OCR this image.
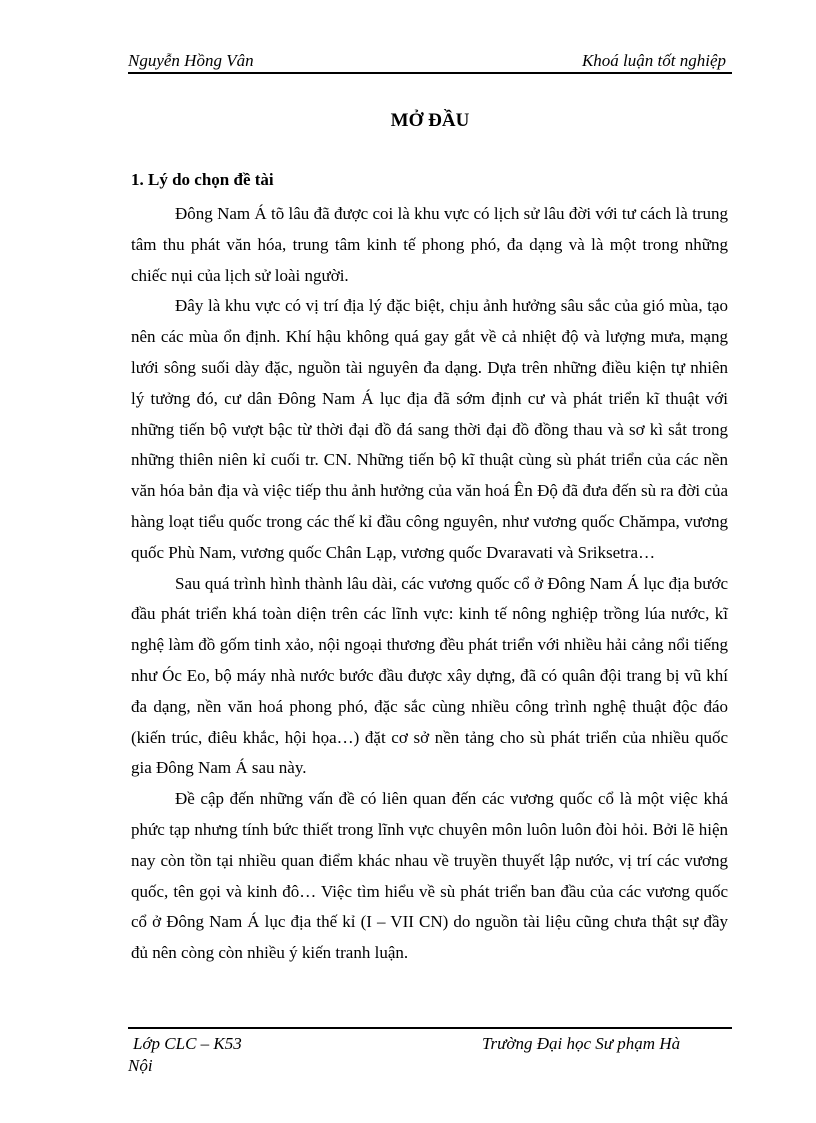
Nguyễn Hồng Vân	Khoá luận tốt nghiệp
MỞ ĐẦU
1. Lý do chọn đề tài

Đông Nam Á tõ lâu đã được coi là khu vực có lịch sử lâu đời với tư cách là trung tâm thu phát văn hóa, trung tâm kinh tế phong phó, đa dạng và là một trong những chiếc nụi của lịch sử loài người.

Đây là khu vực có vị trí địa lý đặc biệt, chịu ảnh hưởng sâu sắc của gió mùa, tạo nên các mùa ổn định. Khí hậu không quá gay gắt về cả nhiệt độ và lượng mưa, mạng lưới sông suối dày đặc, nguồn tài nguyên đa dạng. Dựa trên những điều kiện tự nhiên lý tưởng đó, cư dân Đông Nam Á lục địa đã sớm định cư và phát triển kĩ thuật với những tiến bộ vượt bậc từ thời đại đồ đá sang thời đại đồ đồng thau và sơ kì sắt trong những thiên niên kỉ cuối tr. CN. Những tiến bộ kĩ thuật cùng sù phát triển của các nền văn hóa bản địa và việc tiếp thu ảnh hưởng của văn hoá Ên Độ đã đưa đến sù ra đời của hàng loạt tiểu quốc trong các thế kỉ đầu công nguyên, như vương quốc Chămpa, vương quốc Phù Nam, vương quốc Chân Lạp, vương quốc Dvaravati và Sriksetra…

Sau quá trình hình thành lâu dài, các vương quốc cổ ở Đông Nam Á lục địa bước đầu phát triển khá toàn diện trên các lĩnh vực: kinh tế nông nghiệp trồng lúa nước, kĩ nghệ làm đồ gốm tinh xảo, nội ngoại thương đều phát triển với nhiều hải cảng nổi tiếng như Óc Eo, bộ máy nhà nước bước đầu được xây dựng, đã có quân đội trang bị vũ khí đa dạng, nền văn hoá phong phó, đặc sắc cùng nhiều công trình nghệ thuật độc đáo (kiến trúc, điêu khắc, hội họa…) đặt cơ sở nền tảng cho sù phát triển của nhiều quốc gia Đông Nam Á sau này.

Đề cập đến những vấn đề có liên quan đến các vương quốc cổ là một việc khá phức tạp nhưng tính bức thiết trong lĩnh vực chuyên môn luôn luôn đòi hỏi. Bởi lẽ hiện nay còn tồn tại nhiều quan điểm khác nhau về truyền thuyết lập nước, vị trí các vương quốc, tên gọi và kinh đô… Việc tìm hiểu về sù phát triển ban đầu của các vương quốc cổ ở Đông Nam Á lục địa thế kỉ (I – VII CN) do nguồn tài liệu cũng chưa thật sự đầy đủ nên còng còn nhiều ý kiến tranh luận.

Lớp CLC – K53	Trường Đại học Sư phạm Hà
Nội
